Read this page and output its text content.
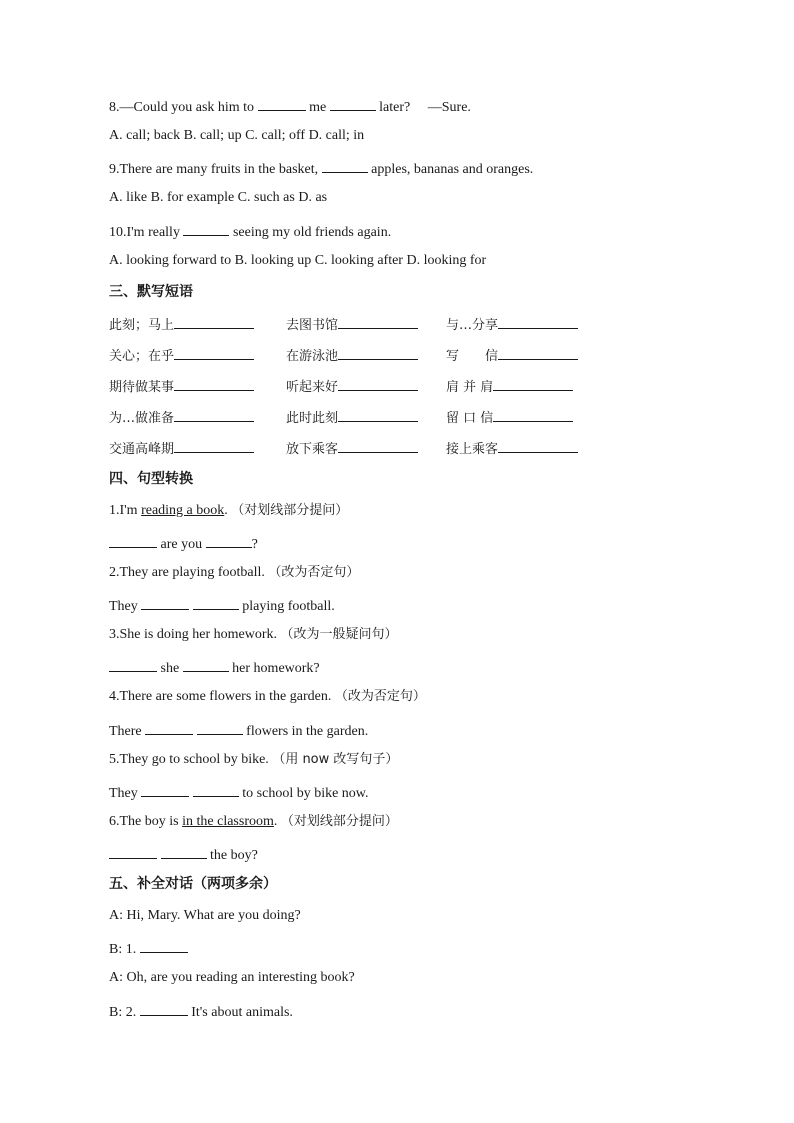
8.—Could you ask him to	me	later? —Sure.
A. call; back B. call; up C. call; off D. call; in
9.There are many fruits in the basket,	apples, bananas and oranges.
A. like B. for example C. such as D. as
10.I'm really	seeing my old friends again.
A. looking forward to B. looking up C. looking after D. looking for
三、默写短语
此刻；马上	去图书馆	与…分享
关心；在乎	在游泳池	写　　信
期待做某事	听起来好	肩 并 肩
为…做准备	此时此刻	留 口 信
交通高峰期	放下乘客	接上乘客
四、句型转换
1.I'm reading a book. （对划线部分提问）
are you	?
2.They are playing football. （改为否定句）
They	playing football.
3.She is doing her homework. （改为一般疑问句）
she	her homework?
4.There are some flowers in the garden. （改为否定句）
There	flowers in the garden.
5.They go to school by bike. （用 now 改写句子）
They	to school by bike now.
6.The boy is in the classroom. （对划线部分提问）
the boy?
五、补全对话（两项多余）
A: Hi, Mary. What are you doing?
B: 1.
A: Oh, are you reading an interesting book?
B: 2.	It's about animals.
